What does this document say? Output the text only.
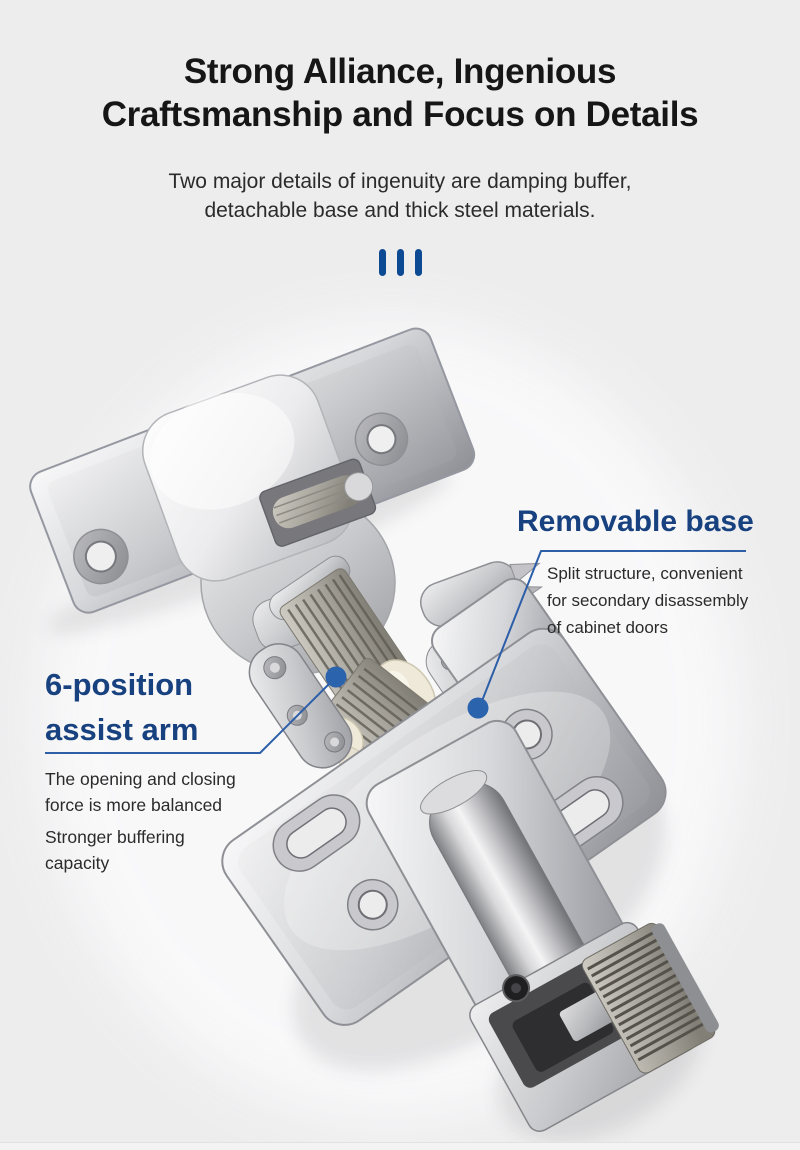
Strong Alliance, Ingenious
Craftsmanship and Focus on Details
Two major details of ingenuity are damping buffer,
detachable base and thick steel materials.
Removable base
Split structure, convenient
for secondary disassembly
of cabinet doors
6-position
assist arm
The opening and closing
force is more balanced
Stronger buffering
capacity
